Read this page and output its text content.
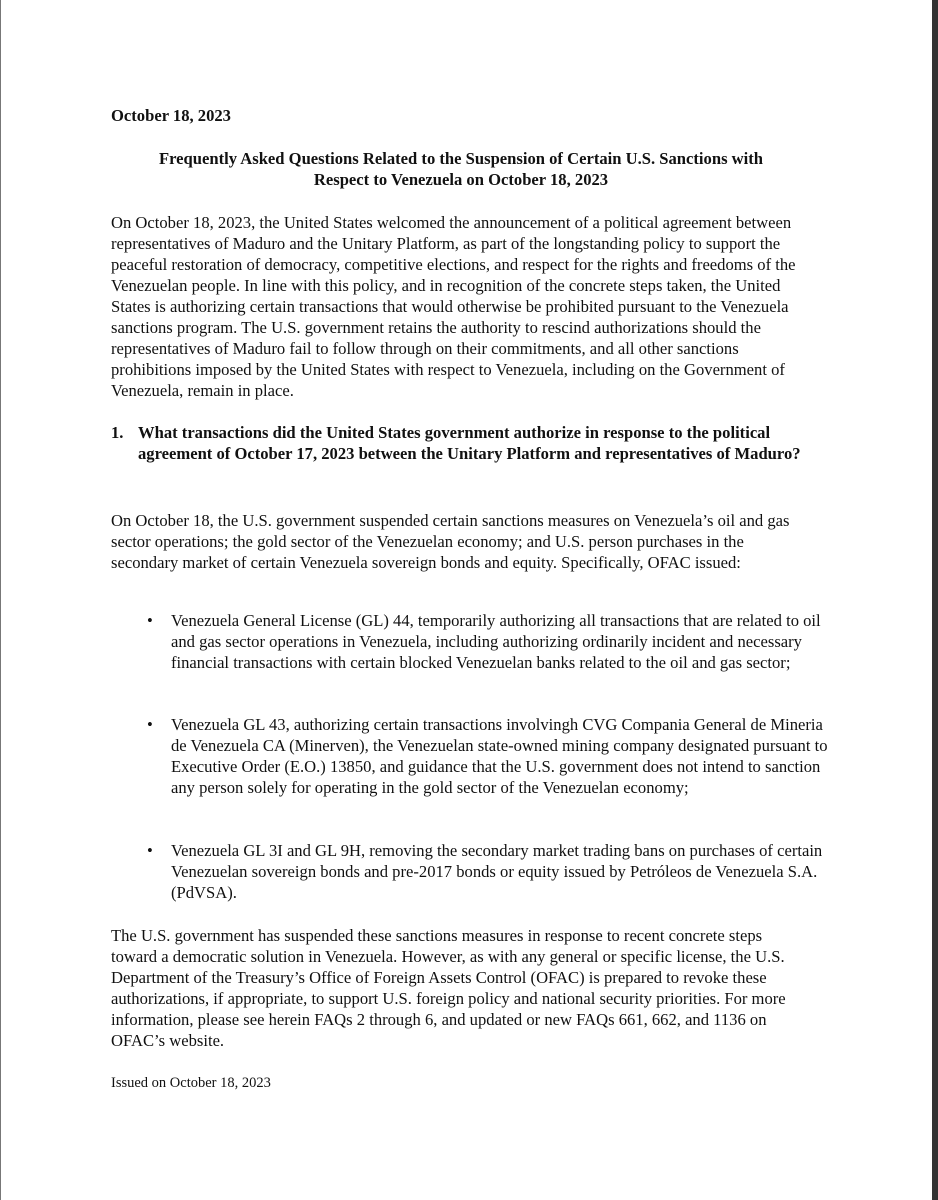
October 18, 2023
Frequently Asked Questions Related to the Suspension of Certain U.S. Sanctions with
Respect to Venezuela on October 18, 2023

On October 18, 2023, the United States welcomed the announcement of a political agreement between representatives of Maduro and the Unitary Platform, as part of the longstanding policy to support the peaceful restoration of democracy, competitive elections, and respect for the rights and freedoms of the Venezuelan people. In line with this policy, and in recognition of the concrete steps taken, the United States is authorizing certain transactions that would otherwise be prohibited pursuant to the Venezuela sanctions program. The U.S. government retains the authority to rescind authorizations should the representatives of Maduro fail to follow through on their commitments, and all other sanctions prohibitions imposed by the United States with respect to Venezuela, including on the Government of Venezuela, remain in place.

1. What transactions did the United States government authorize in response to the political agreement of October 17, 2023 between the Unitary Platform and representatives of Maduro?

On October 18, the U.S. government suspended certain sanctions measures on Venezuela’s oil and gas sector operations; the gold sector of the Venezuelan economy; and U.S. person purchases in the secondary market of certain Venezuela sovereign bonds and equity. Specifically, OFAC issued:

• Venezuela General License (GL) 44, temporarily authorizing all transactions that are related to oil and gas sector operations in Venezuela, including authorizing ordinarily incident and necessary financial transactions with certain blocked Venezuelan banks related to the oil and gas sector;
• Venezuela GL 43, authorizing certain transactions involvingh CVG Compania General de Mineria de Venezuela CA (Minerven), the Venezuelan state-owned mining company designated pursuant to Executive Order (E.O.) 13850, and guidance that the U.S. government does not intend to sanction any person solely for operating in the gold sector of the Venezuelan economy;
• Venezuela GL 3I and GL 9H, removing the secondary market trading bans on purchases of certain Venezuelan sovereign bonds and pre-2017 bonds or equity issued by Petróleos de Venezuela S.A. (PdVSA).

The U.S. government has suspended these sanctions measures in response to recent concrete steps toward a democratic solution in Venezuela. However, as with any general or specific license, the U.S. Department of the Treasury’s Office of Foreign Assets Control (OFAC) is prepared to revoke these authorizations, if appropriate, to support U.S. foreign policy and national security priorities. For more information, please see herein FAQs 2 through 6, and updated or new FAQs 661, 662, and 1136 on OFAC’s website.

Issued on October 18, 2023
